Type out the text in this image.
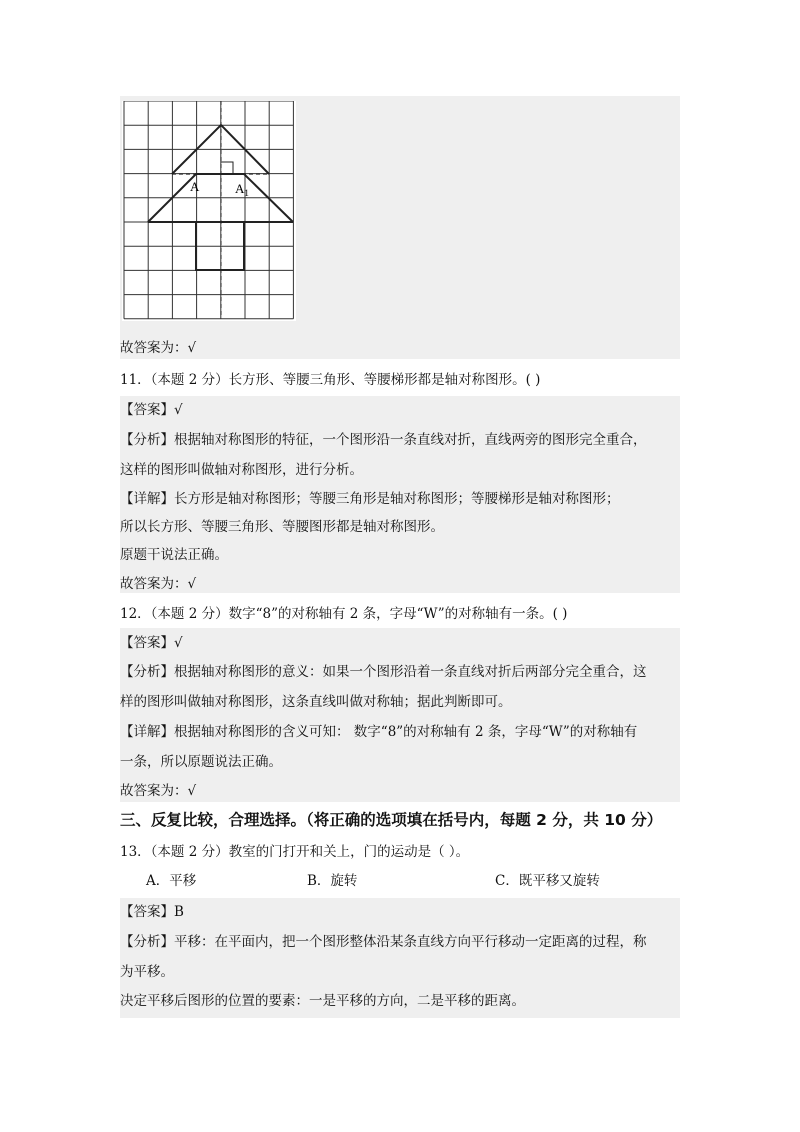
A	$A_1$
故答案为：√
11．（本题 2 分）长方形、等腰三角形、等腰梯形都是轴对称图形。( )
【答案】√
【分析】根据轴对称图形的特征，一个图形沿一条直线对折，直线两旁的图形完全重合，
这样的图形叫做轴对称图形，进行分析。
【详解】长方形是轴对称图形；等腰三角形是轴对称图形；等腰梯形是轴对称图形；
所以长方形、等腰三角形、等腰图形都是轴对称图形。
原题干说法正确。
故答案为：√
12．（本题 2 分）数字“8”的对称轴有 2 条，字母“W”的对称轴有一条。( )
【答案】√
【分析】根据轴对称图形的意义：如果一个图形沿着一条直线对折后两部分完全重合，这
样的图形叫做轴对称图形，这条直线叫做对称轴；据此判断即可。
【详解】根据轴对称图形的含义可知： 数字“8”的对称轴有 2 条，字母“W”的对称轴有
一条，所以原题说法正确。
故答案为：√
三、反复比较，合理选择。（将正确的选项填在括号内，每题 2 分，共 10 分）
13．（本题 2 分）教室的门打开和关上，门的运动是（ ）。
A．平移	B．旋转	C．既平移又旋转
【答案】B
【分析】平移：在平面内，把一个图形整体沿某条直线方向平行移动一定距离的过程，称
为平移。
决定平移后图形的位置的要素：一是平移的方向，二是平移的距离。
